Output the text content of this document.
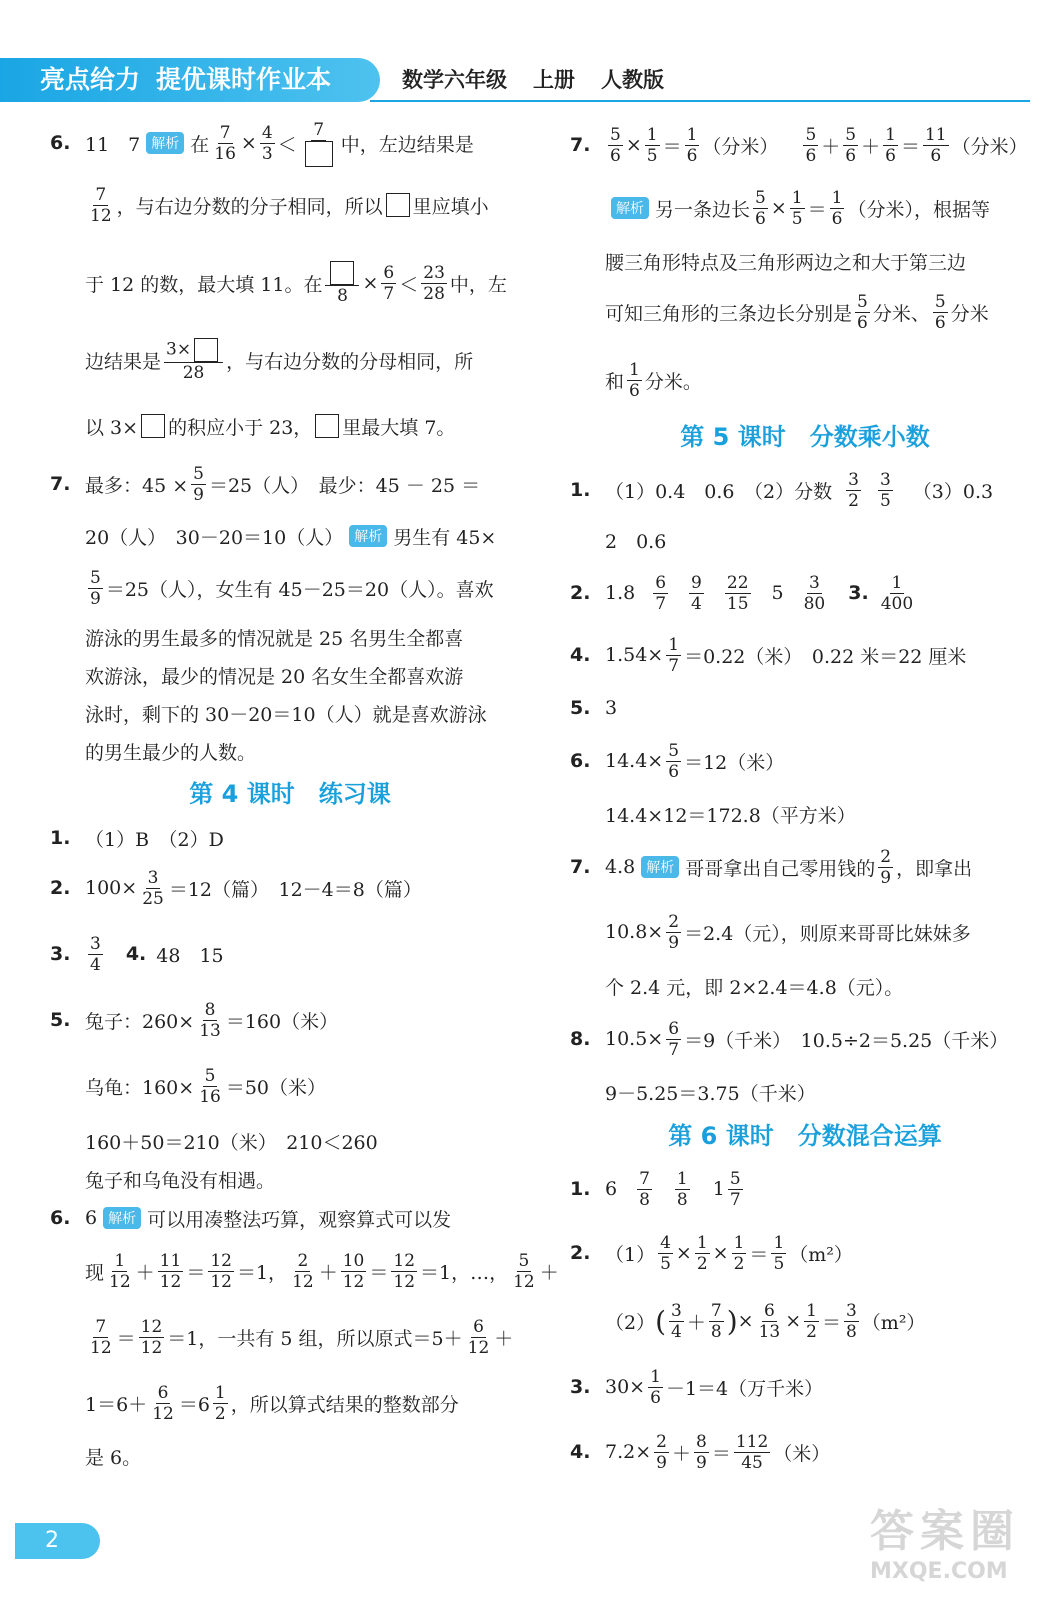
亮点给力 提优课时作业本	数学六年级 上册 人教版
6. 11　7 解析 在 $\frac{7}{16} \times \frac{4}{3}$ ＜
7
中，左边结果是
$\frac{7}{12}$ ，与右边分数的分子相同，所以 里应填小
于 12 的数，最大填 11。在 8
× $\frac{6}{7} < \frac{23}{28}$ 中，左
边结果是 $\frac{3\times}{28}$ ，与右边分数的分母相同，所
以 3× 的积应小于 23， 里最大填 7。
7. 最多：$45 \times \frac{5}{9} =25$（人）　最少：45 － 25 ＝
20（人）　30－20＝10（人） 解析 男生有 45×
$\frac{5}{9} =25$（人），女生有 45－25＝20（人）。喜欢
游泳的男生最多的情况就是 25 名男生全都喜
欢游泳，最少的情况是 20 名女生全都喜欢游
泳时，剩下的 30－20＝10（人）就是喜欢游泳
的男生最少的人数。
第 4 课时　练习课
1. （1）B　（2）D
2. $100\times \frac{3}{25} =12$（篇）　12－4＝8（篇）
3. $\frac{3}{4} 4$. 48　15
5. 兔子：$260\times \frac{8}{13} =160$（米）
乌龟：$160\times \frac{5}{16} =50$（米）
160＋50＝210（米）　210＜260
兔子和乌龟没有相遇。
6. 6 解析 可以用凑整法巧算，观察算式可以发
现 $\frac{1}{12} + \frac{11}{12} = \frac{12}{12} =1$， $\frac{2}{12} + \frac{10}{12} = \frac{12}{12} =1$，…， $\frac{5}{12}$ ＋
$\frac{7}{12} = \frac{12}{12} =1$，一共有 5 组，所以原式$=5+ \frac{6}{12}$ ＋
$1=6+ \frac{6}{12} =6 \frac{1}{2}$ ，所以算式结果的整数部分
是 6。
7. $\frac{5}{6} \times \frac{1}{5} = \frac{1}{6}$ （分米） $\frac{5}{6} + \frac{5}{6} + \frac{1}{6} = \frac{11}{6}$ （分米）
解析 另一条边长 $\frac{5}{6} \times \frac{1}{5} = \frac{1}{6}$ （分米），根据等
腰三角形特点及三角形两边之和大于第三边
可知三角形的三条边长分别是 $\frac{5}{6}$ 分米、 $\frac{5}{6}$ 分米
和 $\frac{1}{6}$ 分米。
第 5 课时　分数乘小数
1. （1）0.4　0.6　（2）分数 $\frac{3}{2} \frac{3}{5} (3)0.3$
2　0.6
2. $1.8 \frac{6}{7} \frac{9}{4} \frac{22}{15} 5 \frac{3}{80} 3$. $\frac{1}{400}$
4. $1.54\times \frac{1}{7} =0.22$（米）　0.22 米＝22 厘米
5. 3
6. $14.4\times \frac{5}{6} =12$（米）
14.4×12＝172.8（平方米）
7. 4.8 解析 哥哥拿出自己零用钱的 $\frac{2}{9}$ ，即拿出
$10.8\times \frac{2}{9} =2.4$（元），则原来哥哥比妹妹多
个 2.4 元，即 2×2.4＝4.8（元）。
8. $10.5\times \frac{6}{7} =9$（千米）　10.5÷2＝5.25（千米）
9－5.25＝3.75（千米）
第 6 课时　分数混合运算
1. $6 \frac{7}{8} \frac{1}{8} 1 \frac{5}{7}$
2. $(1) \frac{4}{5} \times \frac{1}{2} \times \frac{1}{2} = \frac{1}{5} (m^2)$
（2） ( $\frac{3}{4} + \frac{7}{8}$ ) × $\frac{6}{13} \times \frac{1}{2} = \frac{3}{8} (m^2)$
3. $30\times \frac{1}{6} -1=4$（万千米）
4. $7.2\times \frac{2}{9} + \frac{8}{9} = \frac{112}{45}$ （米）
2	答案圈
MXQE.COM
